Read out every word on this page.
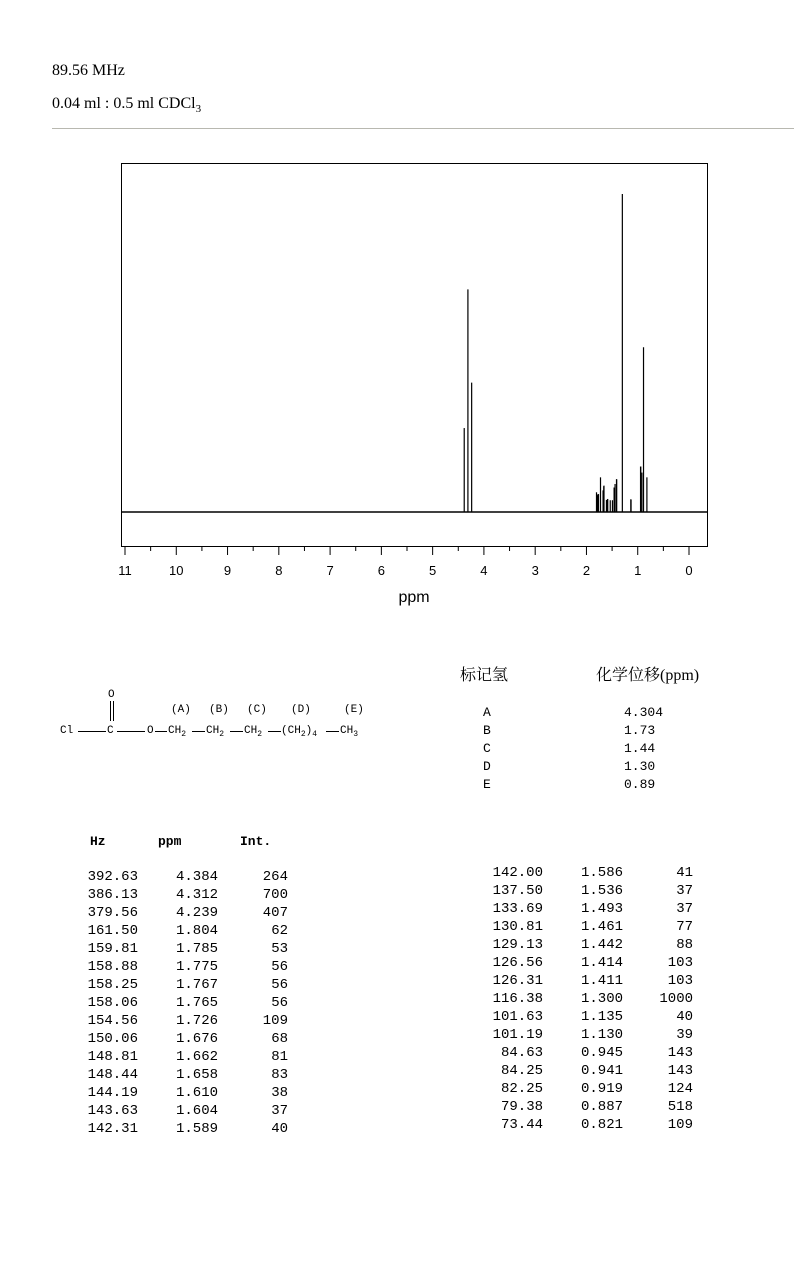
89.56 MHz
0.04 ml : 0.5 ml CDCl$_3$
11	10	9	8	7	6	5	4	3	2	1	0
ppm
O
(A) (B) (C) (D)	(E)
Cl	C	O $CH_2$ $CH_2$ $CH_2$ $(CH_2)_4$ $CH_3$
标记氢	化学位移(ppm)
A	4.304
B	1.73
C	1.44
D	1.30
E	0.89
Hz	ppm	Int.
392.63	4.384	264
386.13	4.312	700
379.56	4.239	407
161.50	1.804	62
159.81	1.785	53
158.88	1.775	56
158.25	1.767	56
158.06	1.765	56
154.56	1.726	109
150.06	1.676	68
148.81	1.662	81
148.44	1.658	83
144.19	1.610	38
143.63	1.604	37
142.31	1.589	40
142.00	1.586	41
137.50	1.536	37
133.69	1.493	37
130.81	1.461	77
129.13	1.442	88
126.56	1.414	103
126.31	1.411	103
116.38	1.300	1000
101.63	1.135	40
101.19	1.130	39
84.63	0.945	143
84.25	0.941	143
82.25	0.919	124
79.38	0.887	518
73.44	0.821	109
